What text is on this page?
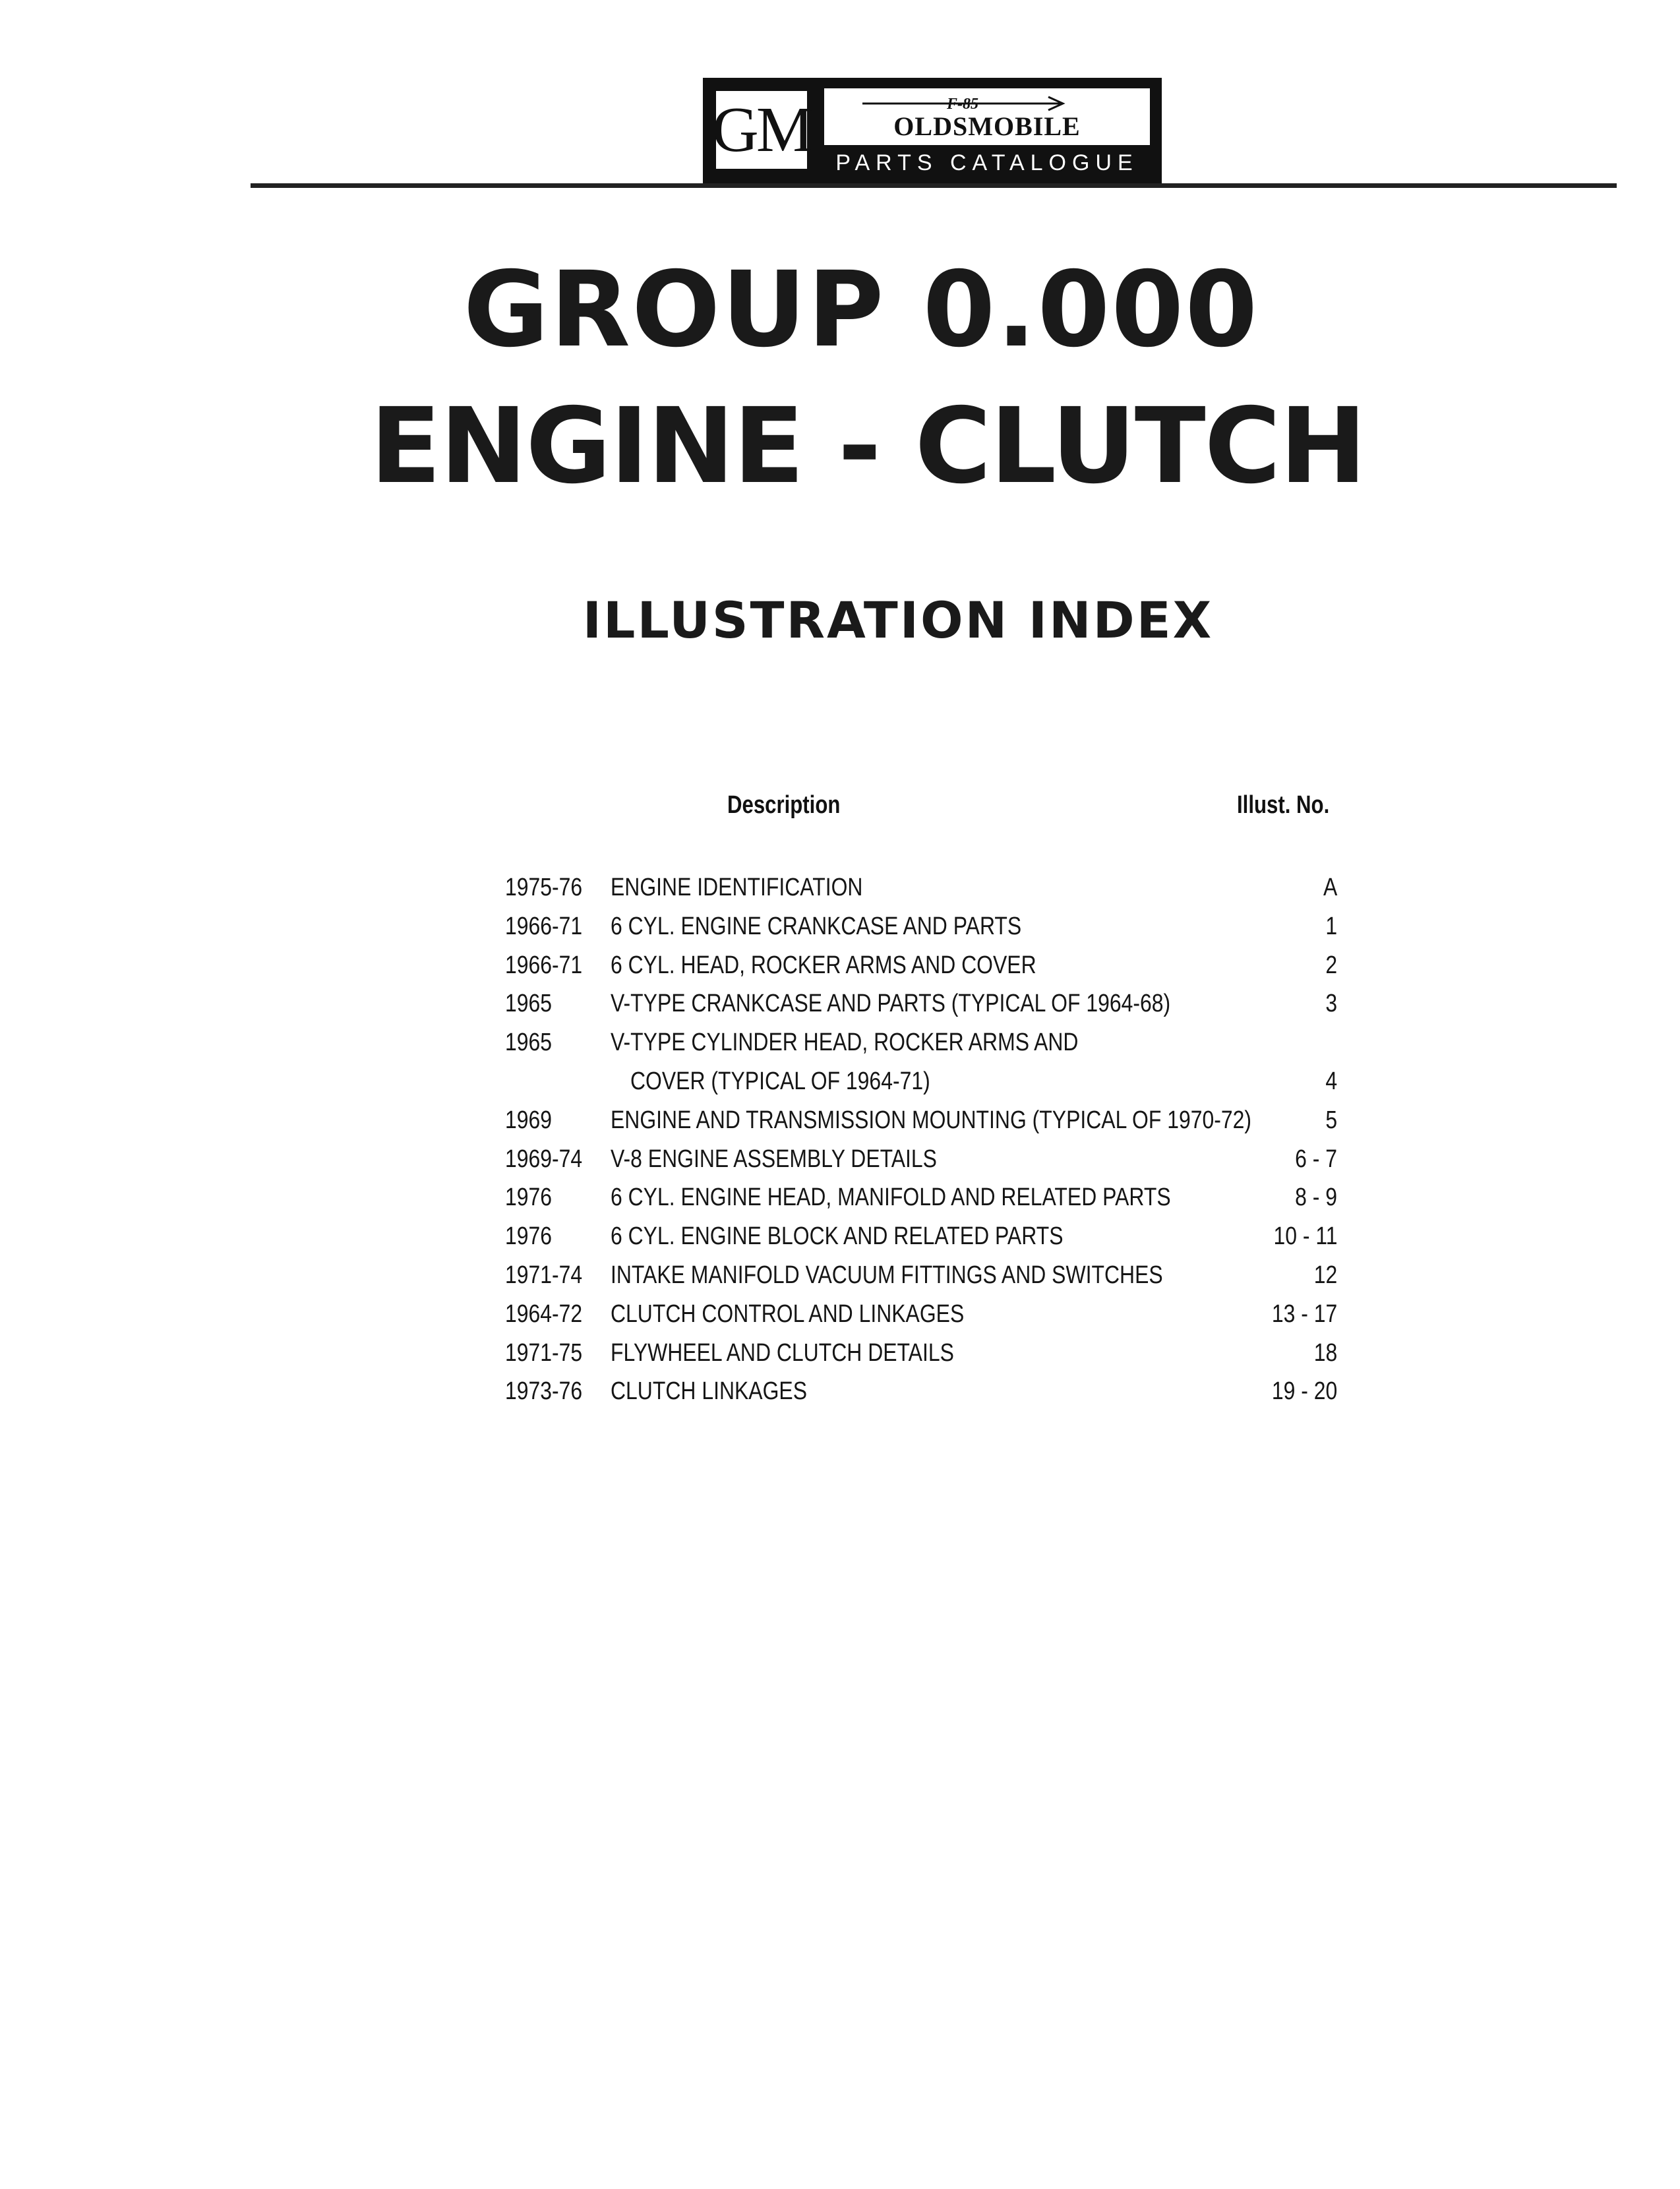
GM	F-85
OLDSMOBILE
PARTS CATALOGUE
GROUP 0.000
ENGINE - CLUTCH
ILLUSTRATION INDEX
Description	Illust. No.
1975-76 ENGINE IDENTIFICATION	A
1966-71 6 CYL. ENGINE CRANKCASE AND PARTS	1
1966-71 6 CYL. HEAD, ROCKER ARMS AND COVER	2
1965 V-TYPE CRANKCASE AND PARTS (TYPICAL OF 1964-68)	3
1965 V-TYPE CYLINDER HEAD, ROCKER ARMS AND
COVER (TYPICAL OF 1964-71)	4
1969 ENGINE AND TRANSMISSION MOUNTING (TYPICAL OF 1970-72)	5
1969-74 V-8 ENGINE ASSEMBLY DETAILS	6 - 7
1976 6 CYL. ENGINE HEAD, MANIFOLD AND RELATED PARTS	8 - 9
1976 6 CYL. ENGINE BLOCK AND RELATED PARTS	10 - 11
1971-74 INTAKE MANIFOLD VACUUM FITTINGS AND SWITCHES	12
1964-72 CLUTCH CONTROL AND LINKAGES	13 - 17
1971-75 FLYWHEEL AND CLUTCH DETAILS	18
1973-76 CLUTCH LINKAGES	19 - 20
